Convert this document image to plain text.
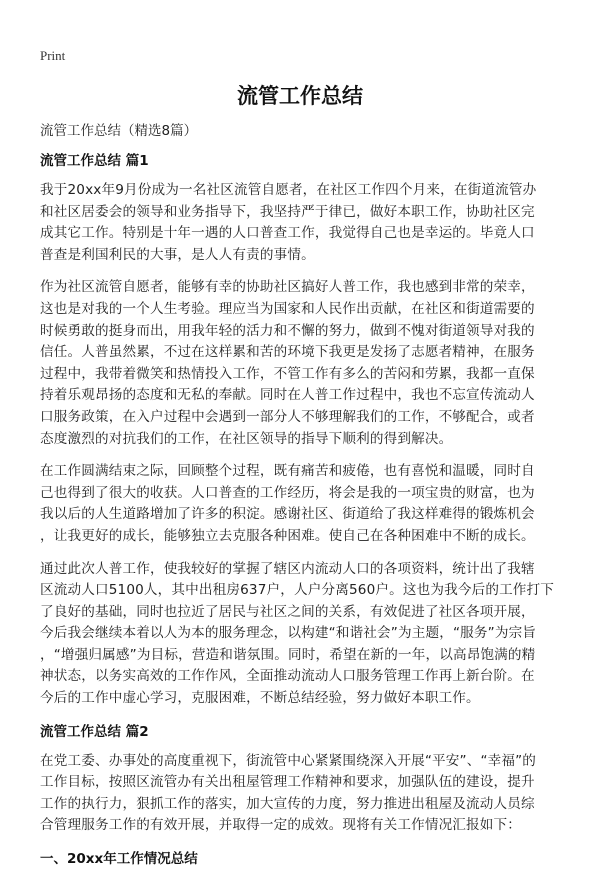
Print
流管工作总结
流管工作总结（精选8篇）
流管工作总结 篇1
我于20xx年9月份成为一名社区流管自愿者，在社区工作四个月来，在街道流管办
和社区居委会的领导和业务指导下，我坚持严于律已，做好本职工作，协助社区完
成其它工作。特别是十年一遇的人口普查工作，我觉得自己也是幸运的。毕竟人口
普查是利国利民的大事，是人人有责的事情。
作为社区流管自愿者，能够有幸的协助社区搞好人普工作，我也感到非常的荣幸，
这也是对我的一个人生考验。理应当为国家和人民作出贡献，在社区和街道需要的
时候勇敢的挺身而出，用我年轻的活力和不懈的努力，做到不愧对街道领导对我的
信任。人普虽然累，不过在这样累和苦的环境下我更是发扬了志愿者精神，在服务
过程中，我带着微笑和热情投入工作，不管工作有多么的苦闷和劳累，我都一直保
持着乐观昂扬的态度和无私的奉献。同时在人普工作过程中，我也不忘宣传流动人
口服务政策，在入户过程中会遇到一部分人不够理解我们的工作，不够配合，或者
态度激烈的对抗我们的工作，在社区领导的指导下顺利的得到解决。
在工作圆满结束之际，回顾整个过程，既有痛苦和疲倦，也有喜悦和温暖，同时自
己也得到了很大的收获。人口普查的工作经历，将会是我的一项宝贵的财富，也为
我以后的人生道路增加了许多的积淀。感谢社区、街道给了我这样难得的锻炼机会
，让我更好的成长，能够独立去克服各种困难。使自己在各种困难中不断的成长。
通过此次人普工作，使我较好的掌握了辖区内流动人口的各项资料，统计出了我辖
区流动人口5100人，其中出租房637户，人户分离560户。这也为我今后的工作打下
了良好的基础，同时也拉近了居民与社区之间的关系，有效促进了社区各项开展，
今后我会继续本着以人为本的服务理念，以构建“和谐社会”为主题，“服务”为宗旨
，“增强归属感”为目标，营造和谐氛围。同时，希望在新的一年，以高昂饱满的精
神状态，以务实高效的工作作风，全面推动流动人口服务管理工作再上新台阶。在
今后的工作中虚心学习，克服困难，不断总结经验，努力做好本职工作。
流管工作总结 篇2
在党工委、办事处的高度重视下，街流管中心紧紧围绕深入开展“平安”、“幸福”的
工作目标，按照区流管办有关出租屋管理工作精神和要求，加强队伍的建设，提升
工作的执行力，狠抓工作的落实，加大宣传的力度，努力推进出租屋及流动人员综
合管理服务工作的有效开展，并取得一定的成效。现将有关工作情况汇报如下：
一、20xx年工作情况总结
